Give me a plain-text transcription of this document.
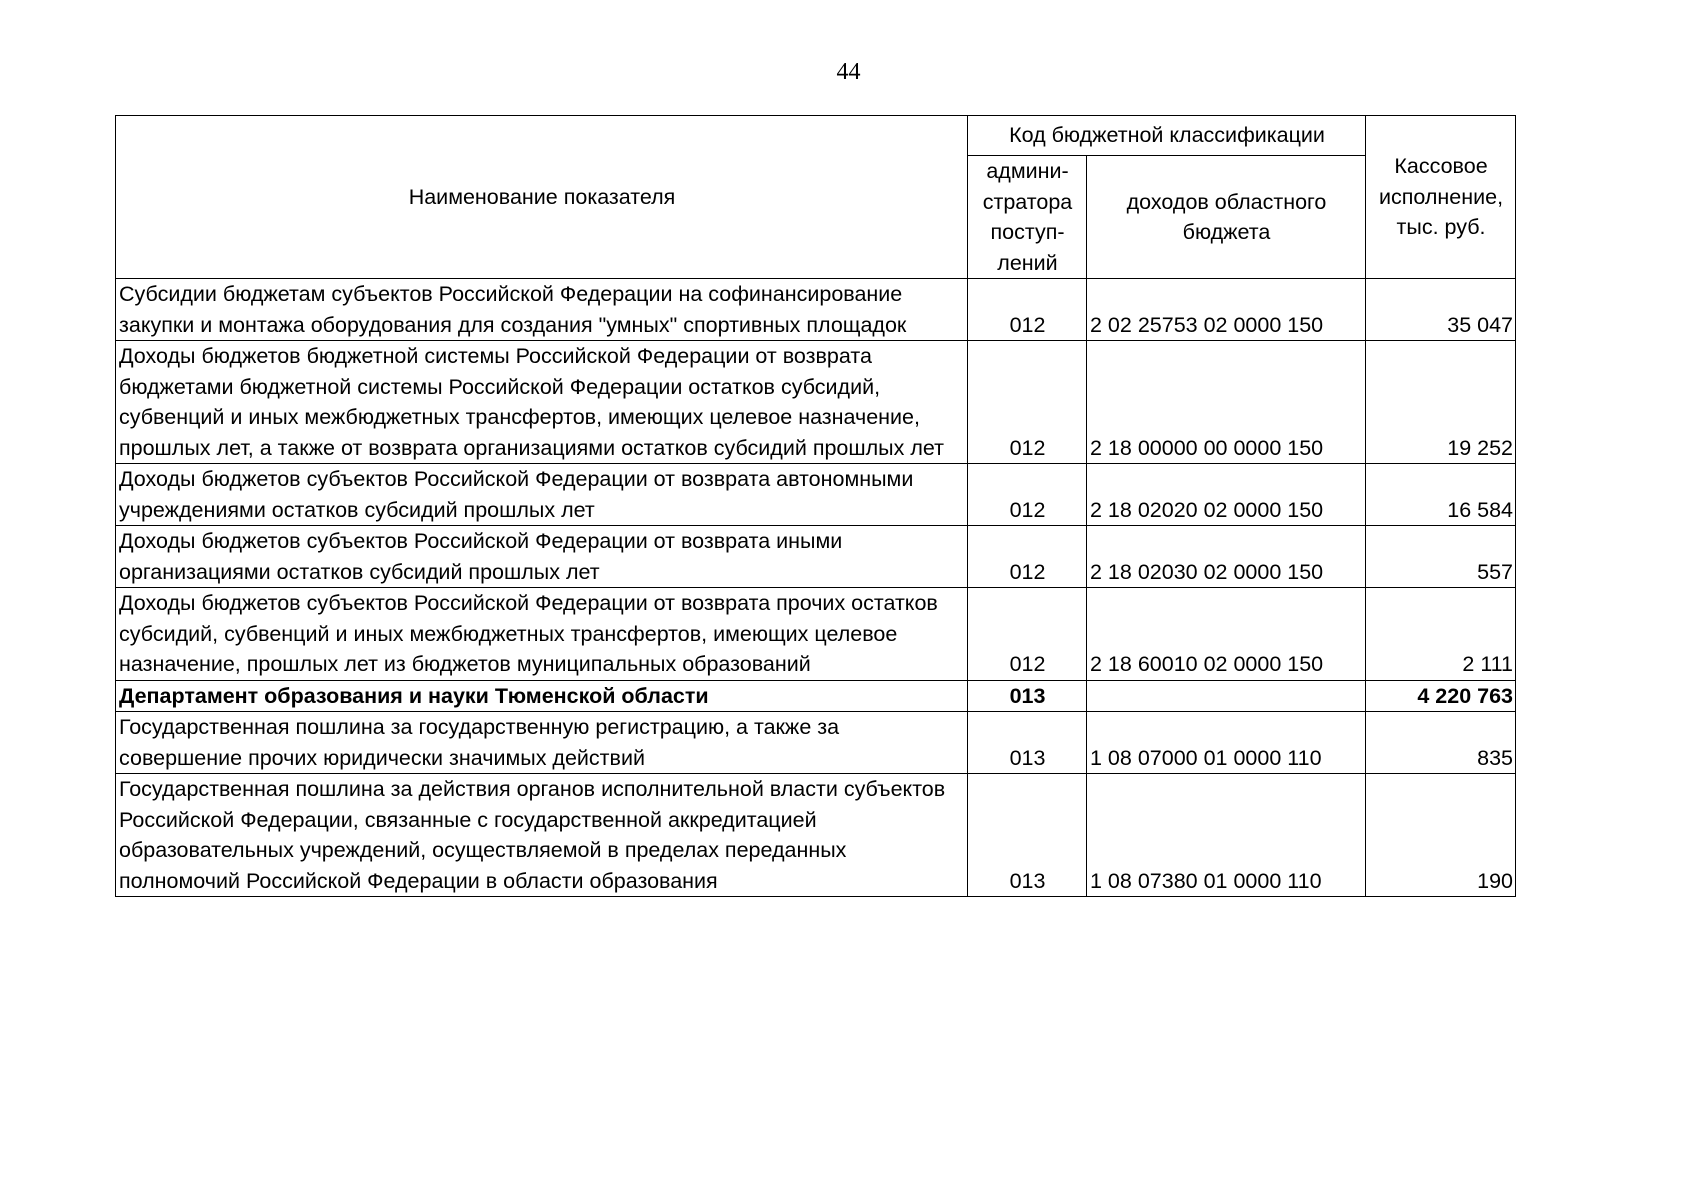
44
Наименование показателя	Код бюджетной классификации		Кассовое исполнение, тыс. руб.
	админи-стратора поступ-лений	доходов областного бюджета	
Субсидии бюджетам субъектов Российской Федерации на софинансирование закупки и монтажа оборудования для создания "умных" спортивных площадок	012	2 02 25753 02 0000 150	35 047
Доходы бюджетов бюджетной системы Российской Федерации от возврата бюджетами бюджетной системы Российской Федерации остатков субсидий, субвенций и иных межбюджетных трансфертов, имеющих целевое назначение, прошлых лет, а также от возврата организациями остатков субсидий прошлых лет	012	2 18 00000 00 0000 150	19 252
Доходы бюджетов субъектов Российской Федерации от возврата автономными учреждениями остатков субсидий прошлых лет	012	2 18 02020 02 0000 150	16 584
Доходы бюджетов субъектов Российской Федерации от возврата иными организациями остатков субсидий прошлых лет	012	2 18 02030 02 0000 150	557
Доходы бюджетов субъектов Российской Федерации от возврата прочих остатков субсидий, субвенций и иных межбюджетных трансфертов, имеющих целевое назначение, прошлых лет из бюджетов муниципальных образований	012	2 18 60010 02 0000 150	2 111
Департамент образования и науки Тюменской области	013		4 220 763
Государственная пошлина за государственную регистрацию, а также за совершение прочих юридически значимых действий	013	1 08 07000 01 0000 110	835
Государственная пошлина за действия органов исполнительной власти субъектов Российской Федерации, связанные с государственной аккредитацией образовательных учреждений, осуществляемой в пределах переданных полномочий Российской Федерации в области образования	013	1 08 07380 01 0000 110	190
